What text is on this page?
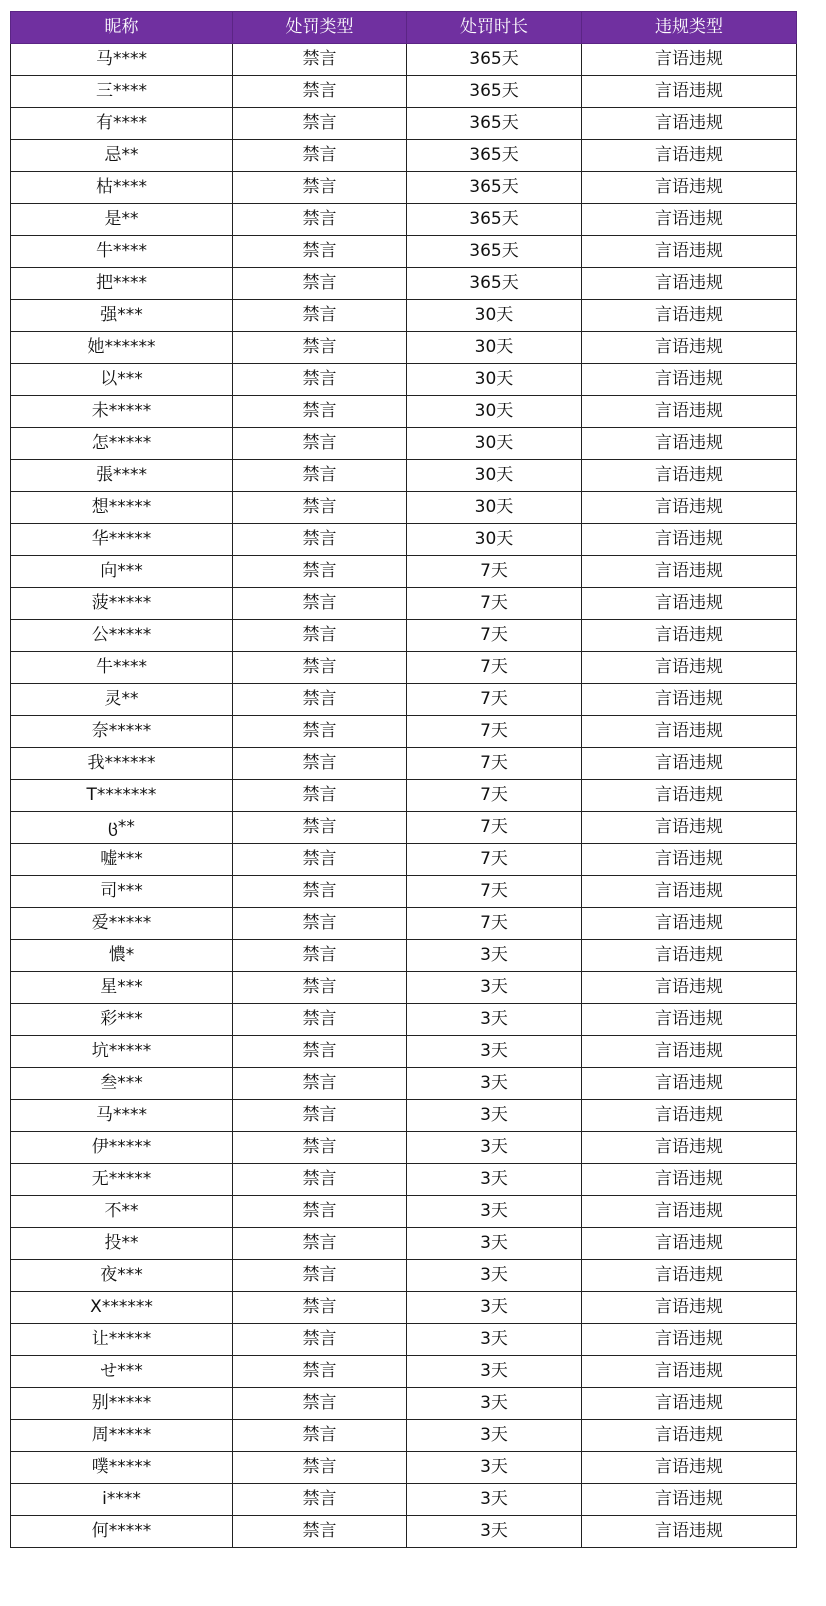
昵称	处罚类型	处罚时长	违规类型
马****	禁言	365天	言语违规
三****	禁言	365天	言语违规
有****	禁言	365天	言语违规
忌**	禁言	365天	言语违规
枯****	禁言	365天	言语违规
是**	禁言	365天	言语违规
牛****	禁言	365天	言语违规
把****	禁言	365天	言语违规
强***	禁言	30天	言语违规
她******	禁言	30天	言语违规
以***	禁言	30天	言语违规
未*****	禁言	30天	言语违规
怎*****	禁言	30天	言语违规
張****	禁言	30天	言语违规
想*****	禁言	30天	言语违规
华*****	禁言	30天	言语违规
向***	禁言	7天	言语违规
菠*****	禁言	7天	言语违规
公*****	禁言	7天	言语违规
牛****	禁言	7天	言语违规
灵**	禁言	7天	言语违规
奈*****	禁言	7天	言语违规
我******	禁言	7天	言语违规
T*******	禁言	7天	言语违规
ც**	禁言	7天	言语违规
嘘***	禁言	7天	言语违规
司***	禁言	7天	言语违规
爱*****	禁言	7天	言语违规
憹*	禁言	3天	言语违规
星***	禁言	3天	言语违规
彩***	禁言	3天	言语违规
坑*****	禁言	3天	言语违规
叁***	禁言	3天	言语违规
马****	禁言	3天	言语违规
伊*****	禁言	3天	言语违规
无*****	禁言	3天	言语违规
不**	禁言	3天	言语违规
投**	禁言	3天	言语违规
夜***	禁言	3天	言语违规
X******	禁言	3天	言语违规
让*****	禁言	3天	言语违规
せ***	禁言	3天	言语违规
别*****	禁言	3天	言语违规
周*****	禁言	3天	言语违规
噗*****	禁言	3天	言语违规
i****	禁言	3天	言语违规
何*****	禁言	3天	言语违规
